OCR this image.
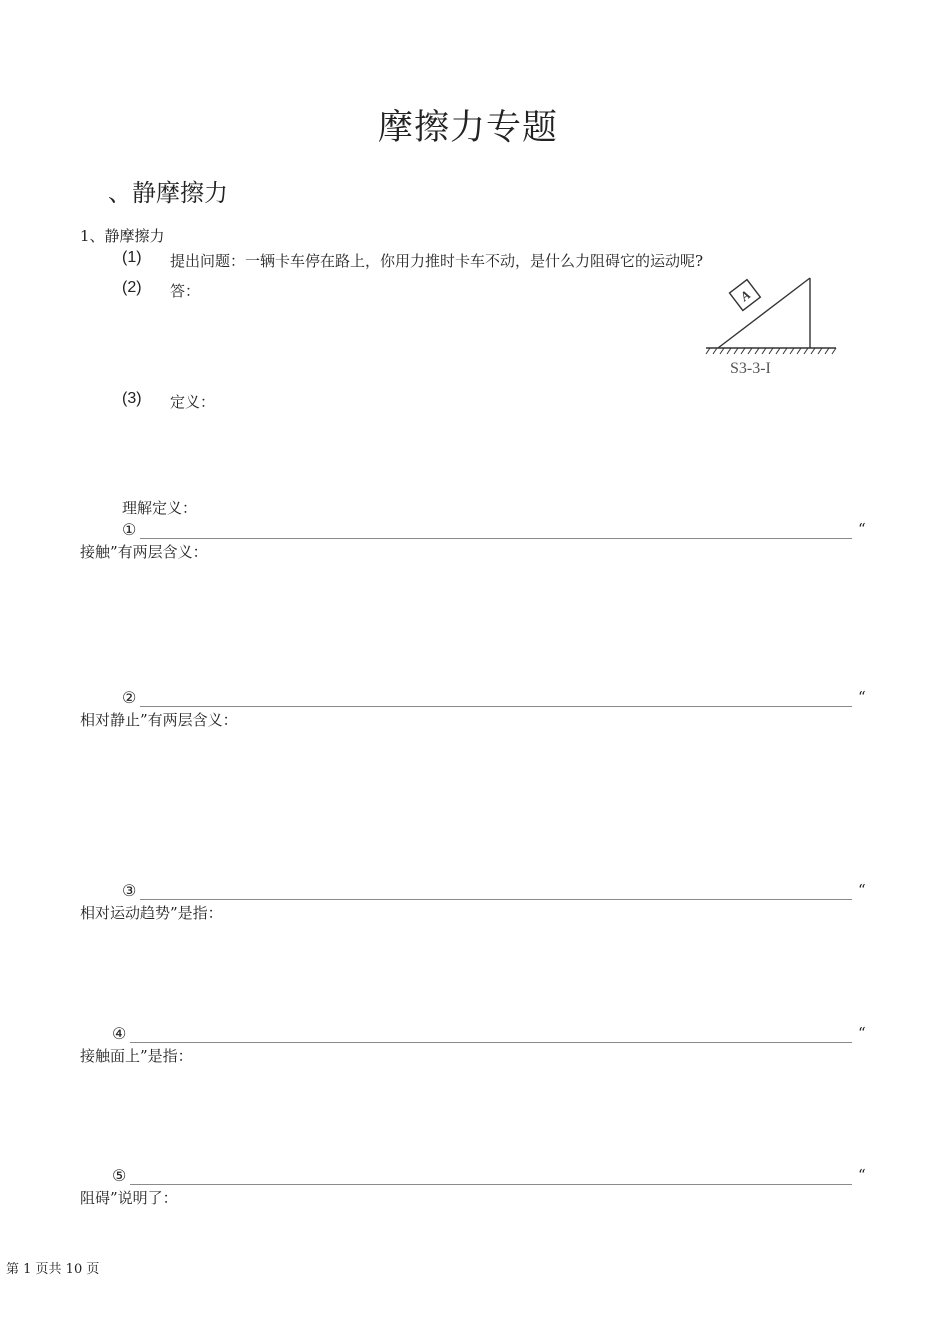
摩擦力专题
、静摩擦力
1、静摩擦力
(1) 提出问题：一辆卡车停在路上，你用力推时卡车不动，是什么力阻碍它的运动呢?
(2) 答：
(3) 定义：
A
S3-3-I
理解定义：
①	“
接触”有两层含义：
②	“
相对静止”有两层含义：
③	“
相对运动趋势”是指：
④	“
接触面上”是指：
⑤	“
阻碍”说明了：
第 1 页共 10 页
